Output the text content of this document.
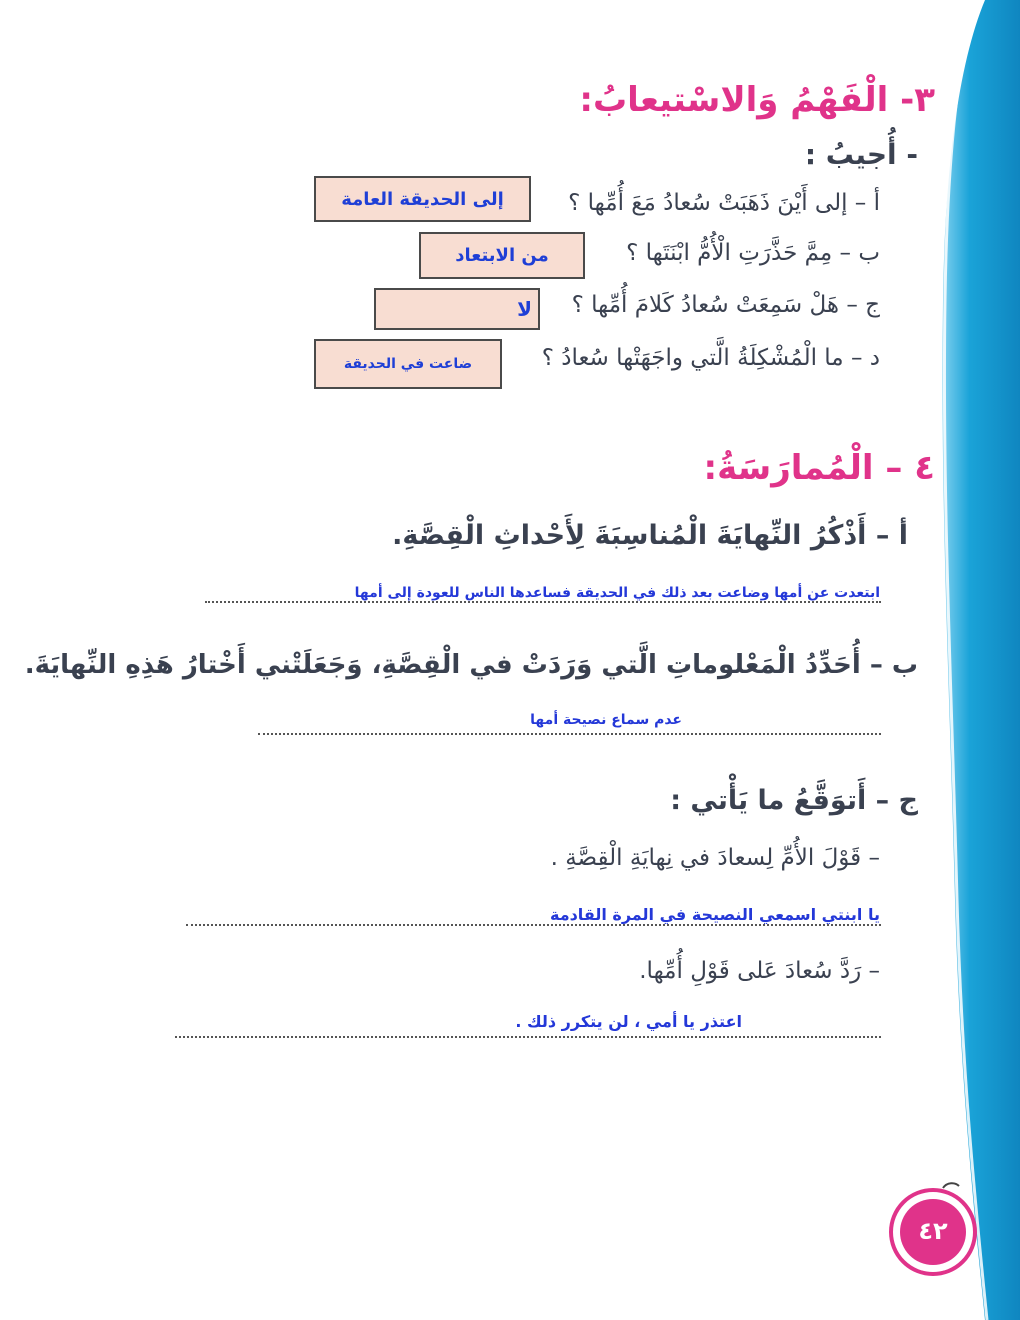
٣- الْفَهْمُ وَالاسْتيعابُ:
- أُجيبُ :
أ – إلى أَيْنَ ذَهَبَتْ سُعادُ مَعَ أُمِّها ؟
إلى الحديقة العامة
ب – مِمَّ حَذَّرَتِ الْأُمُّ ابْنَتَها ؟
من الابتعاد
ج – هَلْ سَمِعَتْ سُعادُ كَلامَ أُمِّها ؟
لا
د – ما الْمُشْكِلَةُ الَّتي واجَهَتْها سُعادُ ؟
ضاعت في الحديقة
٤ – الْمُمارَسَةُ:
أ – أَذْكُرُ النِّهايَةَ الْمُناسِبَةَ لِأَحْداثِ الْقِصَّةِ.
ابتعدت عن أمها وضاعت بعد ذلك في الحديقة فساعدها الناس للعودة إلى أمها
ب – أُحَدِّدُ الْمَعْلوماتِ الَّتي وَرَدَتْ في الْقِصَّةِ، وَجَعَلَتْني أَخْتارُ هَذِهِ النِّهايَةَ.
عدم سماع نصيحة أمها
ج – أَتوَقَّعُ ما يَأْتي :
– قَوْلَ الأُمِّ لِسعادَ في نِهايَةِ الْقِصَّةِ .
يا ابنتي اسمعي النصيحة في المرة القادمة
– رَدَّ سُعادَ عَلى قَوْلِ أُمِّها.
اعتذر يا أمي ، لن يتكرر ذلك .
٤٢
